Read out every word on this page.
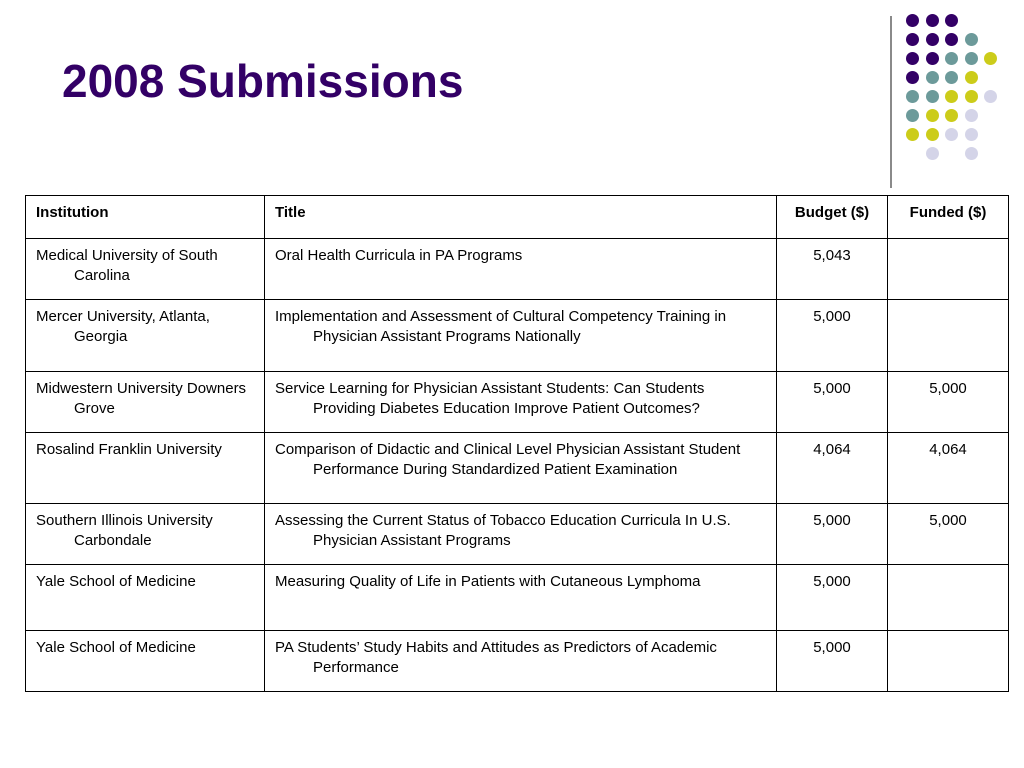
2008 Submissions
Institution	Title	Budget ($)	Funded ($)

Medical University of South Carolina	Oral Health Curricula in PA Programs	5,043	

Mercer University, Atlanta, Georgia	Implementation and Assessment of Cultural Competency Training in Physician Assistant Programs Nationally	5,000	

Midwestern University Downers Grove	Service Learning for Physician Assistant Students: Can Students Providing Diabetes Education Improve Patient Outcomes?	5,000	5,000

Rosalind Franklin University	Comparison of Didactic and Clinical Level Physician Assistant Student Performance During Standardized Patient Examination	4,064	4,064

Southern Illinois University Carbondale	Assessing the Current Status of Tobacco Education Curricula In U.S. Physician Assistant Programs	5,000	5,000

Yale School of Medicine	Measuring Quality of Life in Patients with Cutaneous Lymphoma	5,000	

Yale School of Medicine	PA Students’ Study Habits and Attitudes as Predictors of Academic Performance	5,000	
